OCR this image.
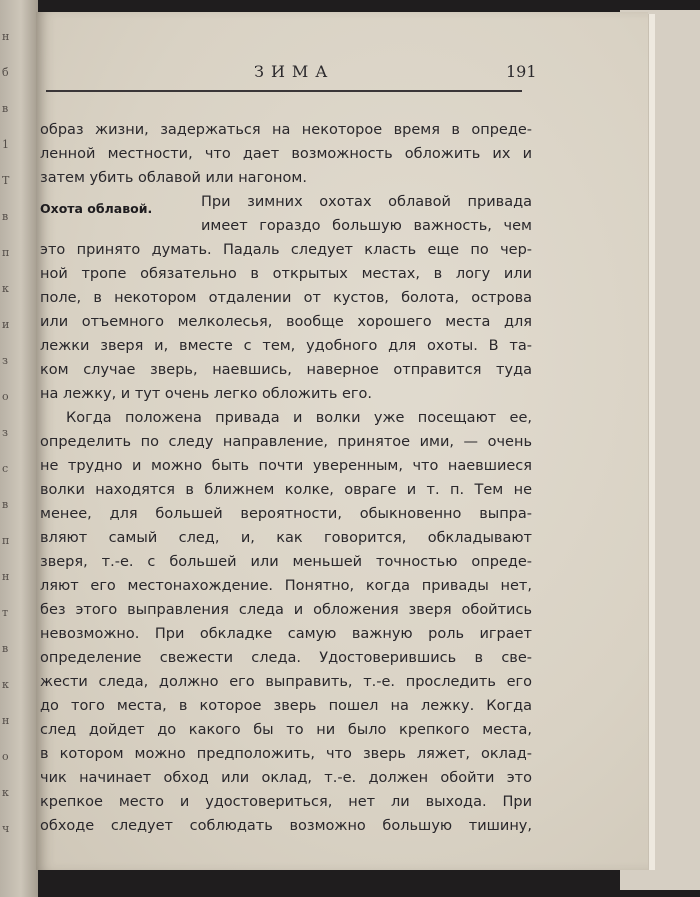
н
б
в
1
Т
в
п
к
и
з
о
з
с
в
п
н
т
в
к
н
о
к
ч
ЗИМА	191
Охота облавой.
образ жизни, задержаться на некоторое время в опреде-
ленной местности, что дает возможность обложить их и
затем убить облавой или нагоном.
При зимних охотах облавой привада
имеет гораздо большую важность, чем
это принято думать. Падаль следует класть еще по чер-
ной тропе обязательно в открытых местах, в логу или
поле, в некотором отдалении от кустов, болота, острова
или отъемного мелколесья, вообще хорошего места для
лежки зверя и, вместе с тем, удобного для охоты. В та-
ком случае зверь, наевшись, наверное отправится туда
на лежку, и тут очень легко обложить его.
Когда положена привада и волки уже посещают ее,
определить по следу направление, принятое ими, — очень
не трудно и можно быть почти уверенным, что наевшиеся
волки находятся в ближнем колке, овраге и т. п. Тем не
менее, для большей вероятности, обыкновенно выпра-
вляют самый след, и, как говорится, обкладывают
зверя, т.-е. с большей или меньшей точностью опреде-
ляют его местонахождение. Понятно, когда привады нет,
без этого выправления следа и обложения зверя обойтись
невозможно. При обкладке самую важную роль играет
определение свежести следа. Удостоверившись в све-
жести следа, должно его выправить, т.-е. проследить его
до того места, в которое зверь пошел на лежку. Когда
след дойдет до какого бы то ни было крепкого места,
в котором можно предположить, что зверь ляжет, оклад-
чик начинает обход или оклад, т.-е. должен обойти это
крепкое место и удостовериться, нет ли выхода. При
обходе следует соблюдать возможно большую тишину,
